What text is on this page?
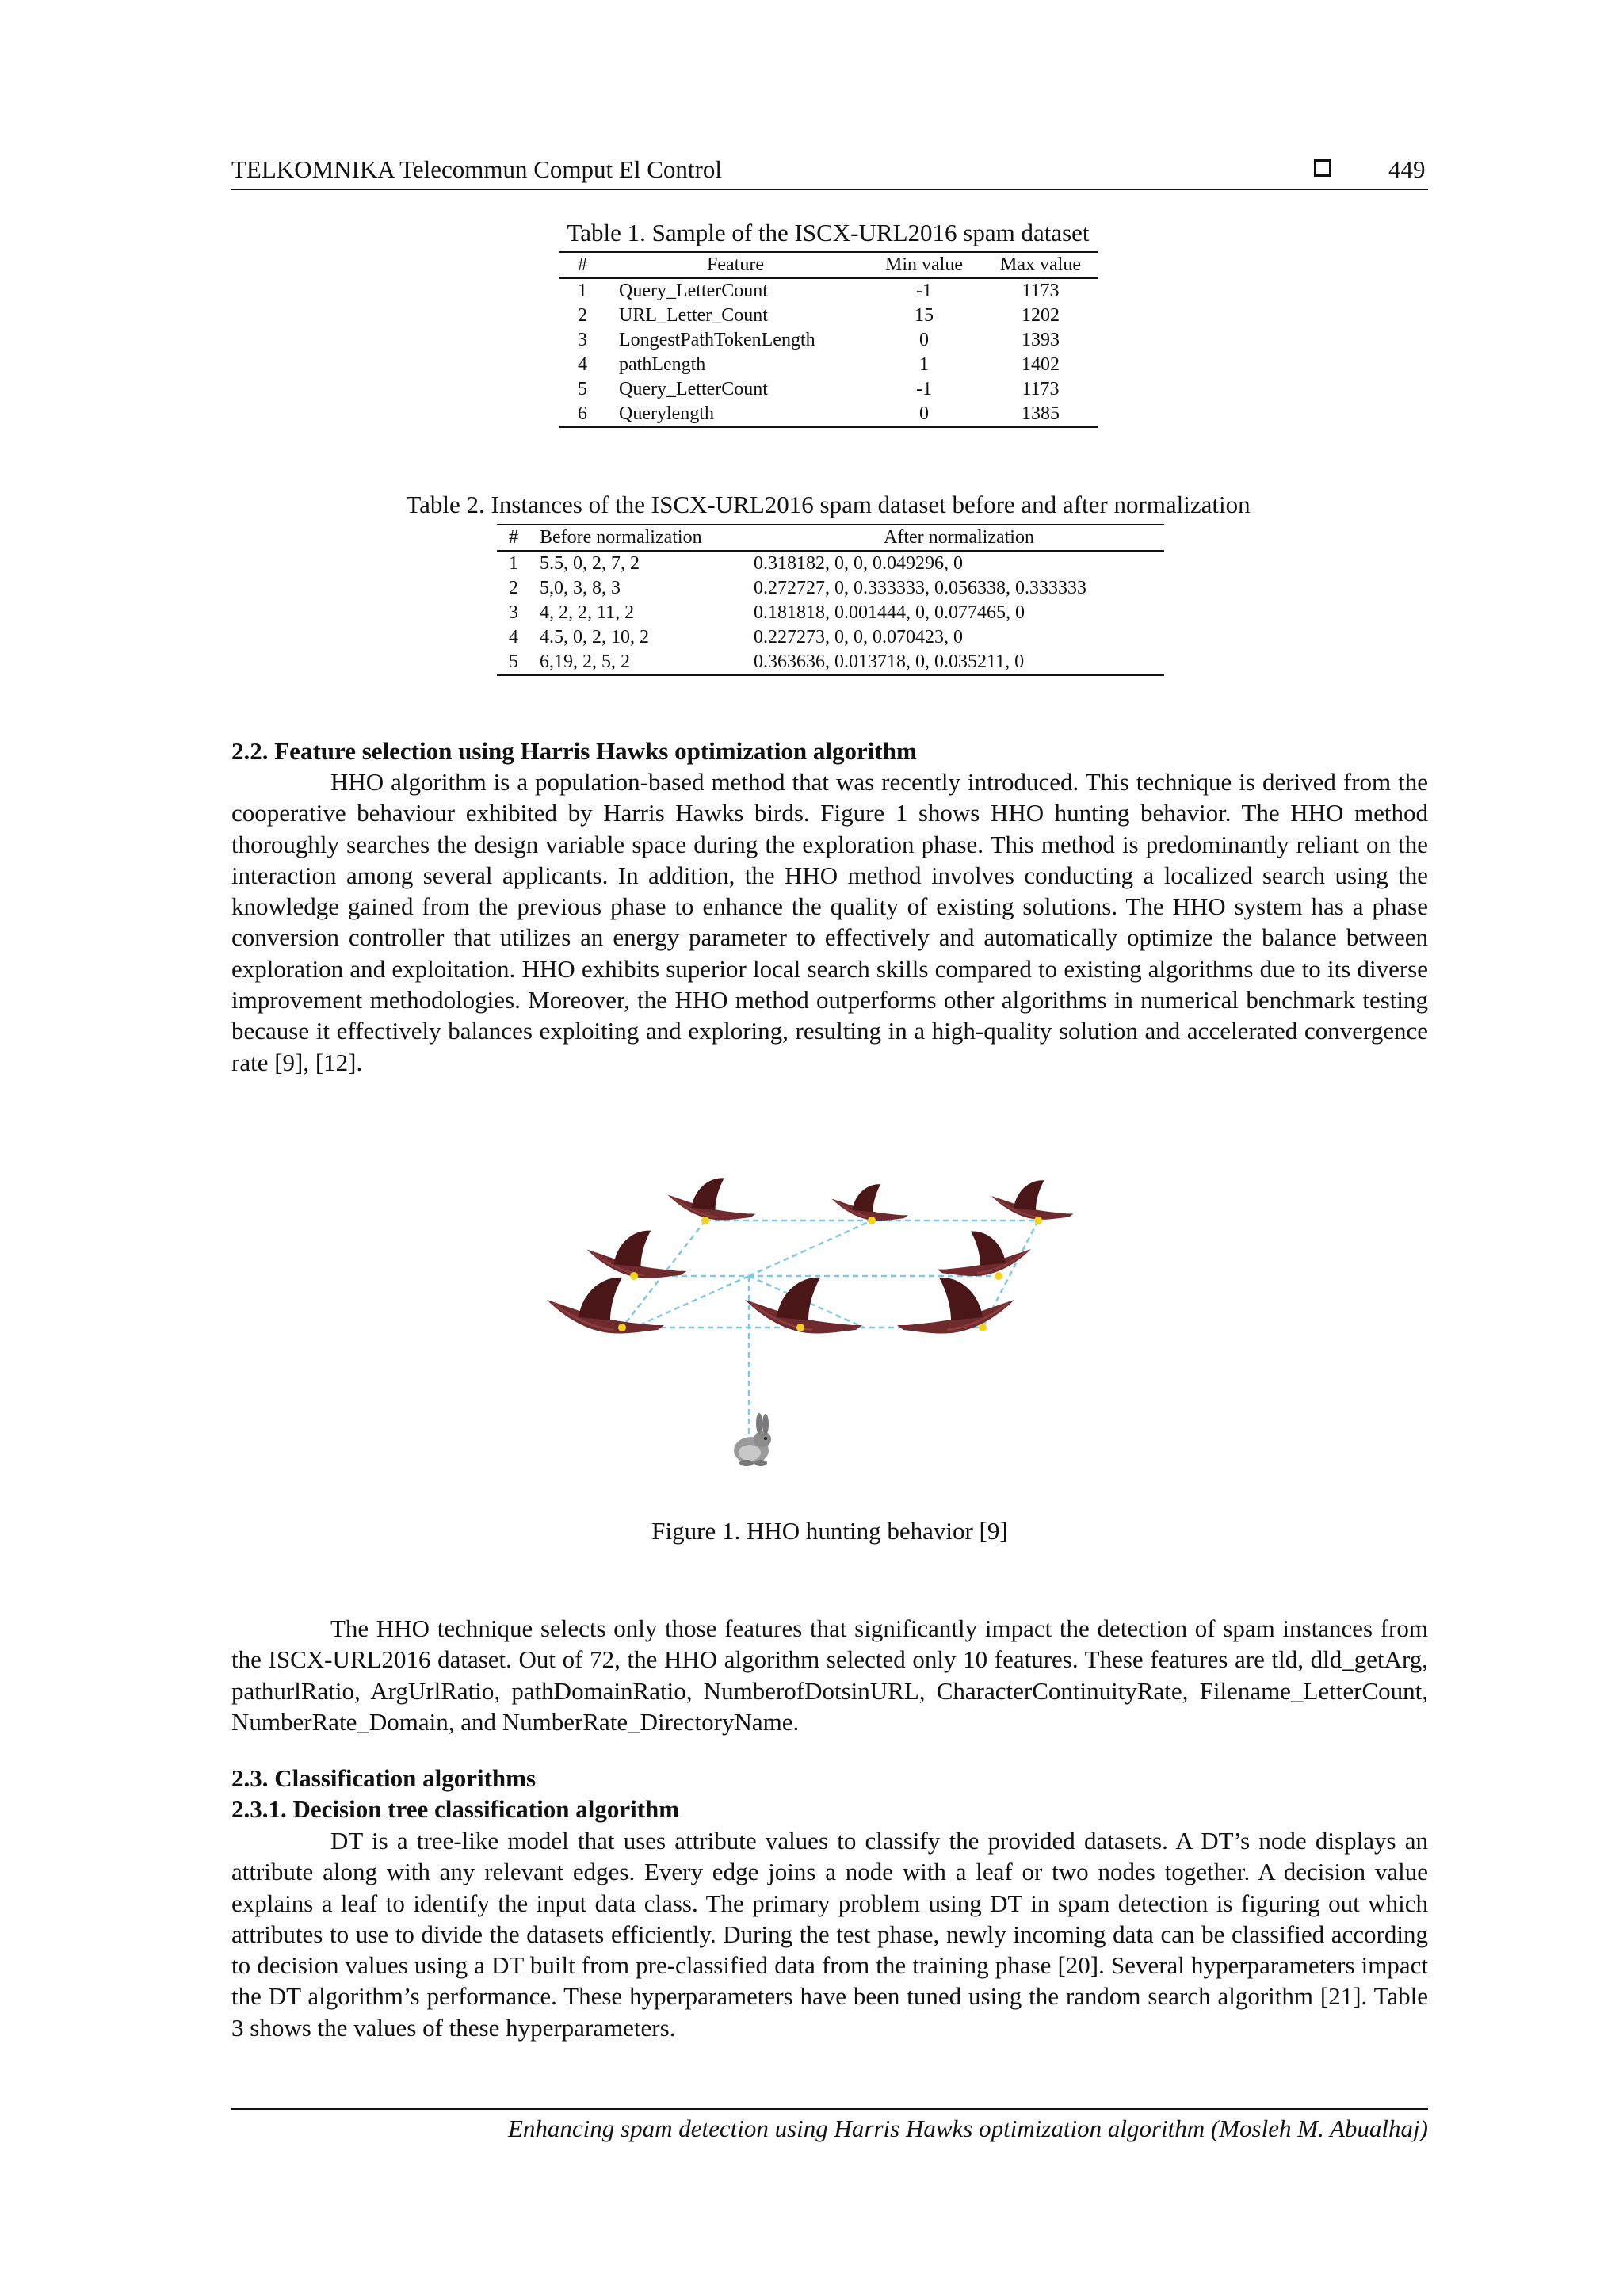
TELKOMNIKA Telecommun Comput El Control	449
Table 1. Sample of the ISCX-URL2016 spam dataset
#	Feature	Min value	Max value
1	Query_LetterCount	-1	1173
2	URL_Letter_Count	15	1202
3	LongestPathTokenLength	0	1393
4	pathLength	1	1402
5	Query_LetterCount	-1	1173
6	Querylength	0	1385
Table 2. Instances of the ISCX-URL2016 spam dataset before and after normalization
#	Before normalization	After normalization
1	5.5, 0, 2, 7, 2	0.318182, 0, 0, 0.049296, 0
2	5,0, 3, 8, 3	0.272727, 0, 0.333333, 0.056338, 0.333333
3	4, 2, 2, 11, 2	0.181818, 0.001444, 0, 0.077465, 0
4	4.5, 0, 2, 10, 2	0.227273, 0, 0, 0.070423, 0
5	6,19, 2, 5, 2	0.363636, 0.013718, 0, 0.035211, 0
2.2. Feature selection using Harris Hawks optimization algorithm

HHO algorithm is a population-based method that was recently introduced. This technique is derived from the cooperative behaviour exhibited by Harris Hawks birds. Figure 1 shows HHO hunting behavior. The HHO method thoroughly searches the design variable space during the exploration phase. This method is predominantly reliant on the interaction among several applicants. In addition, the HHO method involves conducting a localized search using the knowledge gained from the previous phase to enhance the quality of existing solutions. The HHO system has a phase conversion controller that utilizes an energy parameter to effectively and automatically optimize the balance between exploration and exploitation. HHO exhibits superior local search skills compared to existing algorithms due to its diverse improvement methodologies. Moreover, the HHO method outperforms other algorithms in numerical benchmark testing because it effectively balances exploiting and exploring, resulting in a high-quality solution and accelerated convergence rate [9], [12].

Figure 1. HHO hunting behavior [9]

The HHO technique selects only those features that significantly impact the detection of spam instances from the ISCX-URL2016 dataset. Out of 72, the HHO algorithm selected only 10 features. These features are tld, dld_getArg, pathurlRatio, ArgUrlRatio, pathDomainRatio, NumberofDotsinURL, CharacterContinuityRate, Filename_LetterCount, NumberRate_Domain, and NumberRate_DirectoryName.

2.3. Classification algorithms
2.3.1. Decision tree classification algorithm

DT is a tree-like model that uses attribute values to classify the provided datasets. A DT’s node displays an attribute along with any relevant edges. Every edge joins a node with a leaf or two nodes together. A decision value explains a leaf to identify the input data class. The primary problem using DT in spam detection is figuring out which attributes to use to divide the datasets efficiently. During the test phase, newly incoming data can be classified according to decision values using a DT built from pre-classified data from the training phase [20]. Several hyperparameters impact the DT algorithm’s performance. These hyperparameters have been tuned using the random search algorithm [21]. Table 3 shows the values of these hyperparameters.

Enhancing spam detection using Harris Hawks optimization algorithm (Mosleh M. Abualhaj)
